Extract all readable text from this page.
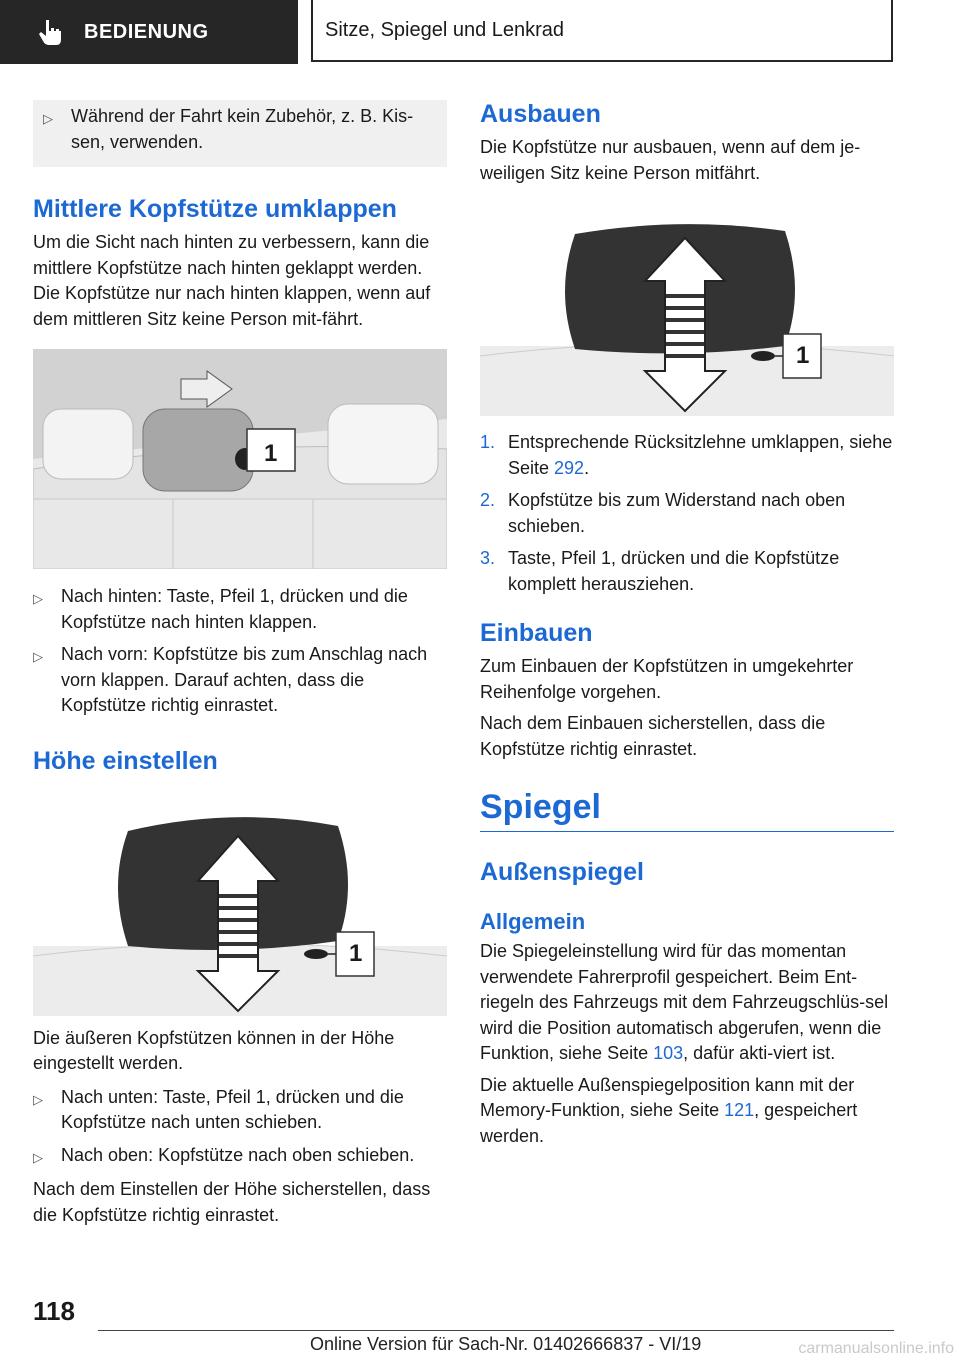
BEDIENUNG	Sitze, Spiegel und Lenkrad
▷	Während der Fahrt kein Zubehör, z. B. Kis-sen, verwenden.
Mittlere Kopfstütze umklappen

Um die Sicht nach hinten zu verbessern, kann die mittlere Kopfstütze nach hinten geklappt werden. Die Kopfstütze nur nach hinten klappen, wenn auf dem mittleren Sitz keine Person mit-fährt.

1
▷	Nach hinten: Taste, Pfeil 1, drücken und die Kopfstütze nach hinten klappen.
▷	Nach vorn: Kopfstütze bis zum Anschlag nach vorn klappen. Darauf achten, dass die Kopfstütze richtig einrastet.
Höhe einstellen
1

Die äußeren Kopfstützen können in der Höhe eingestellt werden.

▷	Nach unten: Taste, Pfeil 1, drücken und die Kopfstütze nach unten schieben.
▷	Nach oben: Kopfstütze nach oben schieben.

Nach dem Einstellen der Höhe sicherstellen, dass die Kopfstütze richtig einrastet.

Ausbauen

Die Kopfstütze nur ausbauen, wenn auf dem je-weiligen Sitz keine Person mitfährt.

1
1. Entsprechende Rücksitzlehne umklappen, siehe Seite 292.
2. Kopfstütze bis zum Widerstand nach oben schieben.
3. Taste, Pfeil 1, drücken und die Kopfstütze komplett herausziehen.
Einbauen

Zum Einbauen der Kopfstützen in umgekehrter Reihenfolge vorgehen.

Nach dem Einbauen sicherstellen, dass die Kopfstütze richtig einrastet.

Spiegel
Außenspiegel
Allgemein

Die Spiegeleinstellung wird für das momentan verwendete Fahrerprofil gespeichert. Beim Ent-riegeln des Fahrzeugs mit dem Fahrzeugschlüs-sel wird die Position automatisch abgerufen, wenn die Funktion, siehe Seite 103, dafür akti-viert ist.

Die aktuelle Außenspiegelposition kann mit der Memory-Funktion, siehe Seite 121, gespeichert werden.

118
Online Version für Sach-Nr. 01402666837 - VI/19	carmanualsonline.info
